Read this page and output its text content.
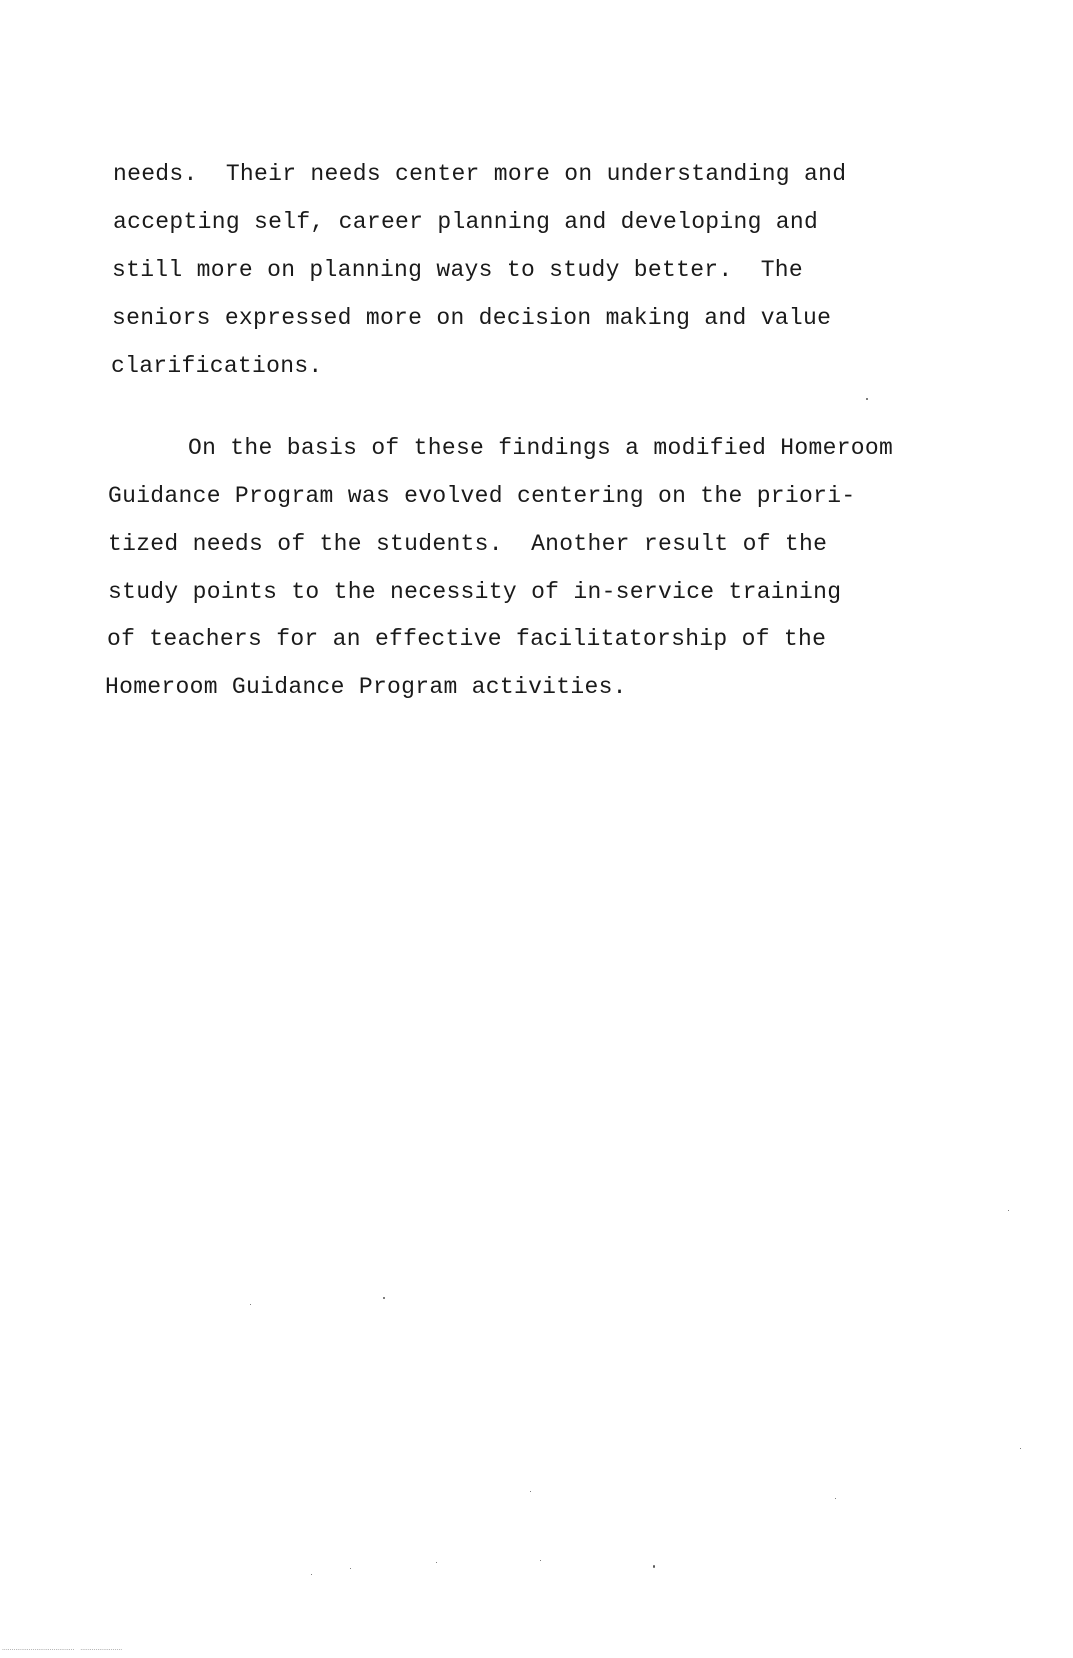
needs.  Their needs center more on understanding and
accepting self, career planning and developing and
still more on planning ways to study better.  The
seniors expressed more on decision making and value
clarifications.
On the basis of these findings a modified Homeroom
Guidance Program was evolved centering on the priori-
tized needs of the students.  Another result of the
study points to the necessity of in-service training
of teachers for an effective facilitatorship of the
Homeroom Guidance Program activities.
······································   ······················
